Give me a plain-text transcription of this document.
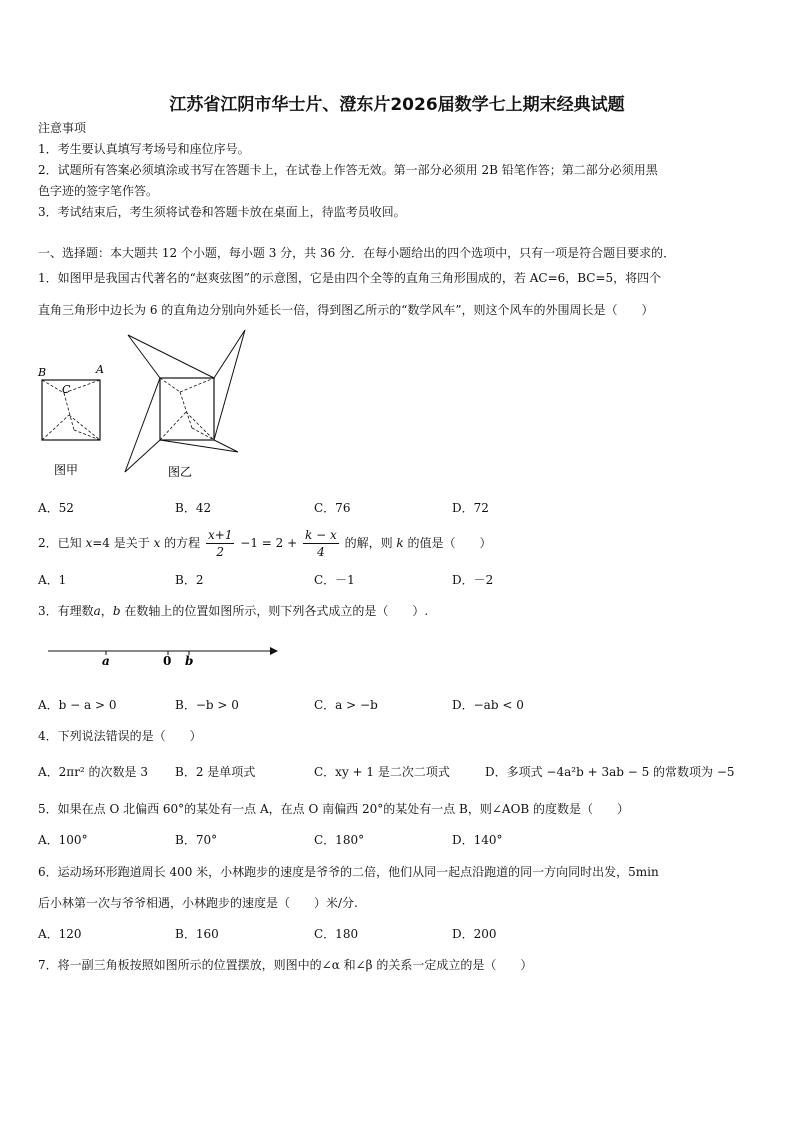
江苏省江阴市华士片、澄东片2026届数学七上期末经典试题
注意事项
1．考生要认真填写考场号和座位序号。
2．试题所有答案必须填涂或书写在答题卡上，在试卷上作答无效。第一部分必须用 2B 铅笔作答；第二部分必须用黑
色字迹的签字笔作答。
3．考试结束后，考生须将试卷和答题卡放在桌面上，待监考员收回。
一、选择题：本大题共 12 个小题，每小题 3 分，共 36 分．在每小题给出的四个选项中，只有一项是符合题目要求的．
1．如图甲是我国古代著名的“赵爽弦图”的示意图，它是由四个全等的直角三角形围成的，若 AC=6，BC=5，将四个
直角三角形中边长为 6 的直角边分别向外延长一倍，得到图乙所示的“数学风车”，则这个风车的外围周长是（　　）
B
C
A
图甲	图乙
A．52	B．42	C．76	D．72
2．已知 x=4 是关于 x 的方程 $\frac{x+1}{2} -1 = 2 + \frac{k - x}{4}$ 的解，则 k 的值是（　　）
A．1	B．2	C．－1	D．－2
3．有理数a，b 在数轴上的位置如图所示，则下列各式成立的是（　　）.
a	0 b
A．b − a > 0	B．−b > 0	C．a > −b	D．−ab < 0
4．下列说法错误的是（　　）
A．2πr² 的次数是 3 B．2 是单项式	C．xy + 1 是二次二项式	D．多项式 −4a²b + 3ab − 5 的常数项为 −5
5．如果在点 O 北偏西 60°的某处有一点 A，在点 O 南偏西 20°的某处有一点 B，则∠AOB 的度数是（　　）
A．100°	B．70°	C．180°	D．140°
6．运动场环形跑道周长 400 米，小林跑步的速度是爷爷的二倍，他们从同一起点沿跑道的同一方向同时出发，5min
后小林第一次与爷爷相遇，小林跑步的速度是（　　）米/分.
A．120	B．160	C．180	D．200
7．将一副三角板按照如图所示的位置摆放，则图中的∠α 和∠β 的关系一定成立的是（　　）
